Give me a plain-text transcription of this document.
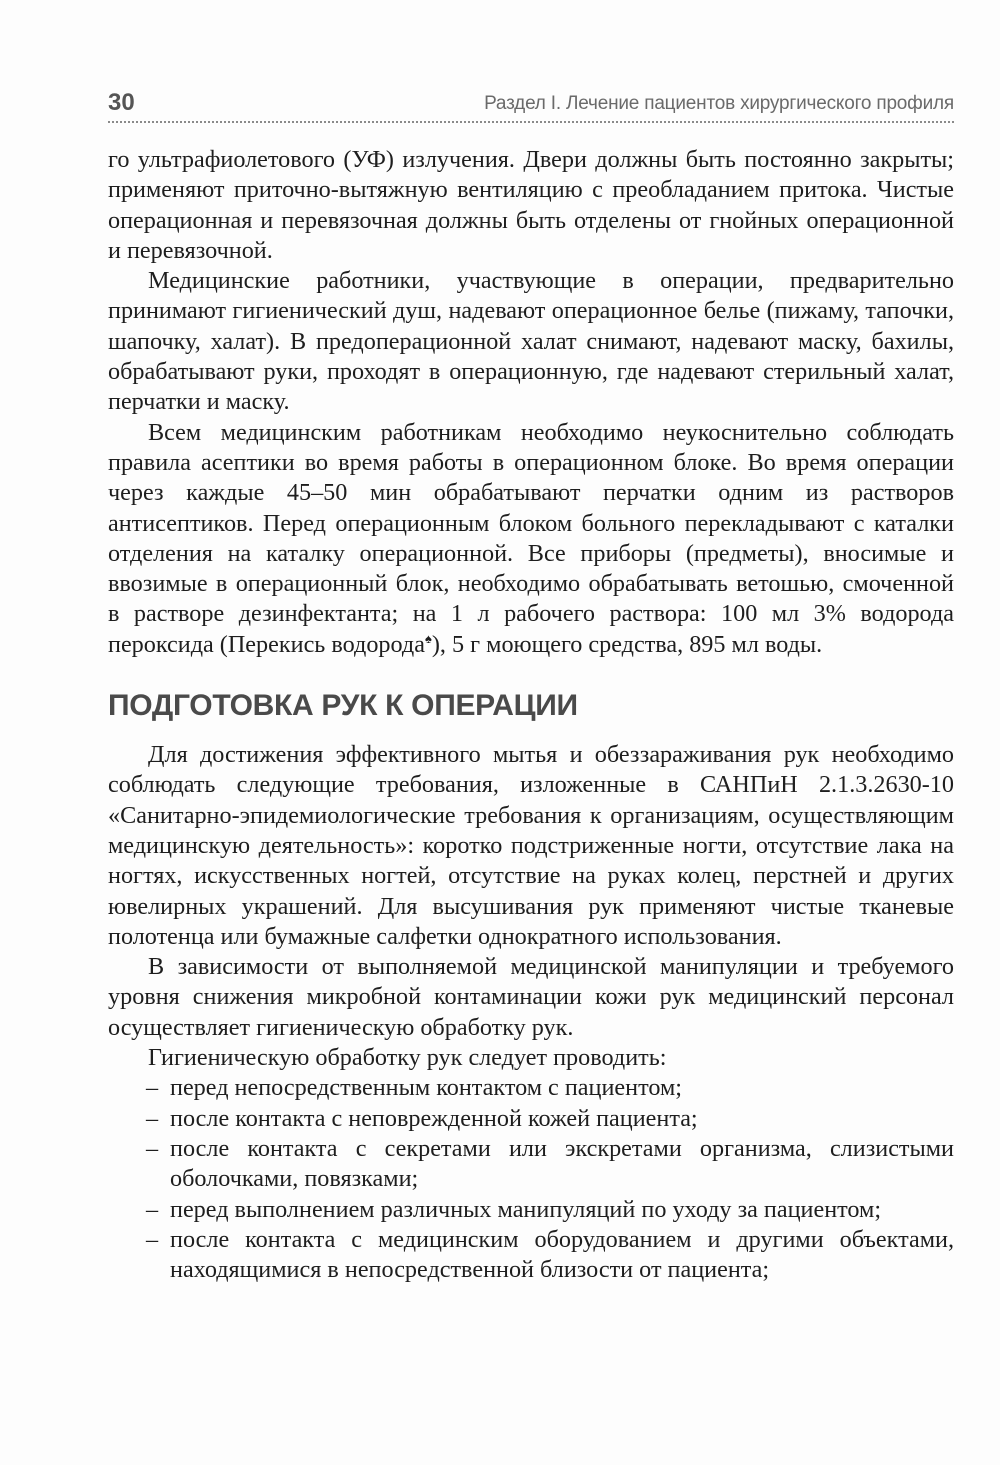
30	Раздел I. Лечение пациентов хирургического профиля

го ультрафиолетового (УФ) излучения. Двери должны быть постоянно закрыты; применяют приточно-вытяжную вентиляцию с преобладанием притока. Чистые операционная и перевязочная должны быть отделены от гнойных операционной и перевязочной.

Медицинские работники, участвующие в операции, предварительно принимают гигиенический душ, надевают операционное белье (пижаму, тапочки, шапочку, халат). В предоперационной халат снимают, надевают маску, бахилы, обрабатывают руки, проходят в операционную, где надевают стерильный халат, перчатки и маску.

Всем медицинским работникам необходимо неукоснительно соблюдать правила асептики во время работы в операционном блоке. Во время операции через каждые 45–50 мин обрабатывают перчатки одним из растворов антисептиков. Перед операционным блоком больного перекладывают с каталки отделения на каталку операционной. Все приборы (предметы), вносимые и ввозимые в операционный блок, необходимо обрабатывать ветошью, смоченной в растворе дезинфектанта; на 1 л рабочего раствора: 100 мл 3% водорода пероксида (Перекись водорода♠), 5 г моющего средства, 895 мл воды.

ПОДГОТОВКА РУК К ОПЕРАЦИИ

Для достижения эффективного мытья и обеззараживания рук необходимо соблюдать следующие требования, изложенные в САНПиН 2.1.3.2630-10 «Санитарно-эпидемиологические требования к организациям, осуществляющим медицинскую деятельность»: коротко подстриженные ногти, отсутствие лака на ногтях, искусственных ногтей, отсутствие на руках колец, перстней и других ювелирных украшений. Для высушивания рук применяют чистые тканевые полотенца или бумажные салфетки однократного использования.

В зависимости от выполняемой медицинской манипуляции и требуемого уровня снижения микробной контаминации кожи рук медицинский персонал осуществляет гигиеническую обработку рук.

Гигиеническую обработку рук следует проводить:

– перед непосредственным контактом с пациентом;
– после контакта с неповрежденной кожей пациента;
– после контакта с секретами или экскретами организма, слизистыми оболочками, повязками;
– перед выполнением различных манипуляций по уходу за пациентом;
– после контакта с медицинским оборудованием и другими объектами, находящимися в непосредственной близости от пациента;
